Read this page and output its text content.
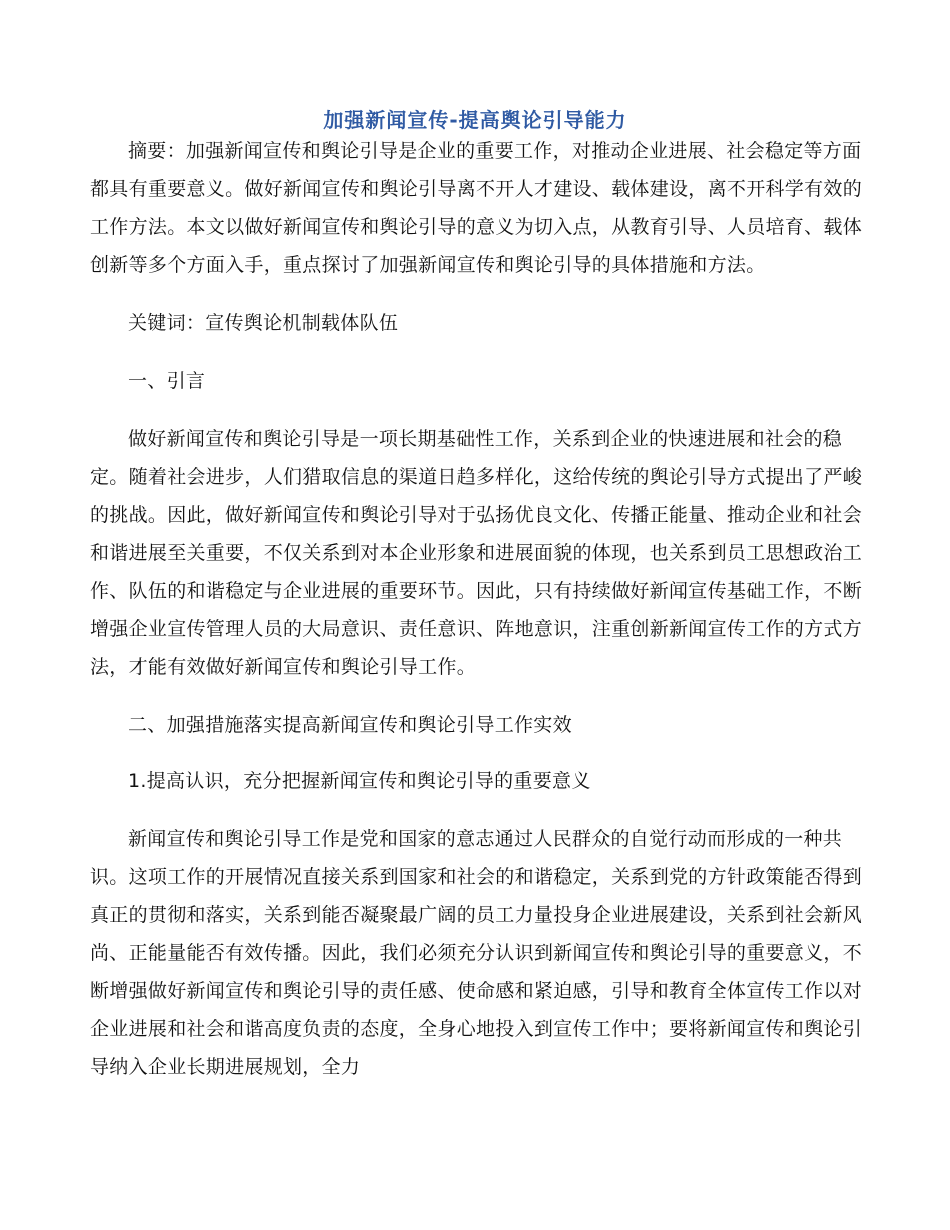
加强新闻宣传-提高舆论引导能力

摘要：加强新闻宣传和舆论引导是企业的重要工作，对推动企业进展、社会稳定等方面都具有重要意义。做好新闻宣传和舆论引导离不开人才建设、载体建设，离不开科学有效的工作方法。本文以做好新闻宣传和舆论引导的意义为切入点，从教育引导、人员培育、载体创新等多个方面入手，重点探讨了加强新闻宣传和舆论引导的具体措施和方法。

关键词：宣传舆论机制载体队伍

一、引言

做好新闻宣传和舆论引导是一项长期基础性工作，关系到企业的快速进展和社会的稳定。随着社会进步，人们猎取信息的渠道日趋多样化，这给传统的舆论引导方式提出了严峻的挑战。因此，做好新闻宣传和舆论引导对于弘扬优良文化、传播正能量、推动企业和社会和谐进展至关重要，不仅关系到对本企业形象和进展面貌的体现，也关系到员工思想政治工作、队伍的和谐稳定与企业进展的重要环节。因此，只有持续做好新闻宣传基础工作，不断增强企业宣传管理人员的大局意识、责任意识、阵地意识，注重创新新闻宣传工作的方式方法，才能有效做好新闻宣传和舆论引导工作。

二、加强措施落实提高新闻宣传和舆论引导工作实效

1.提高认识，充分把握新闻宣传和舆论引导的重要意义

新闻宣传和舆论引导工作是党和国家的意志通过人民群众的自觉行动而形成的一种共识。这项工作的开展情况直接关系到国家和社会的和谐稳定，关系到党的方针政策能否得到真正的贯彻和落实，关系到能否凝聚最广阔的员工力量投身企业进展建设，关系到社会新风尚、正能量能否有效传播。因此，我们必须充分认识到新闻宣传和舆论引导的重要意义，不断增强做好新闻宣传和舆论引导的责任感、使命感和紧迫感，引导和教育全体宣传工作以对企业进展和社会和谐高度负责的态度，全身心地投入到宣传工作中；要将新闻宣传和舆论引导纳入企业长期进展规划，全力
